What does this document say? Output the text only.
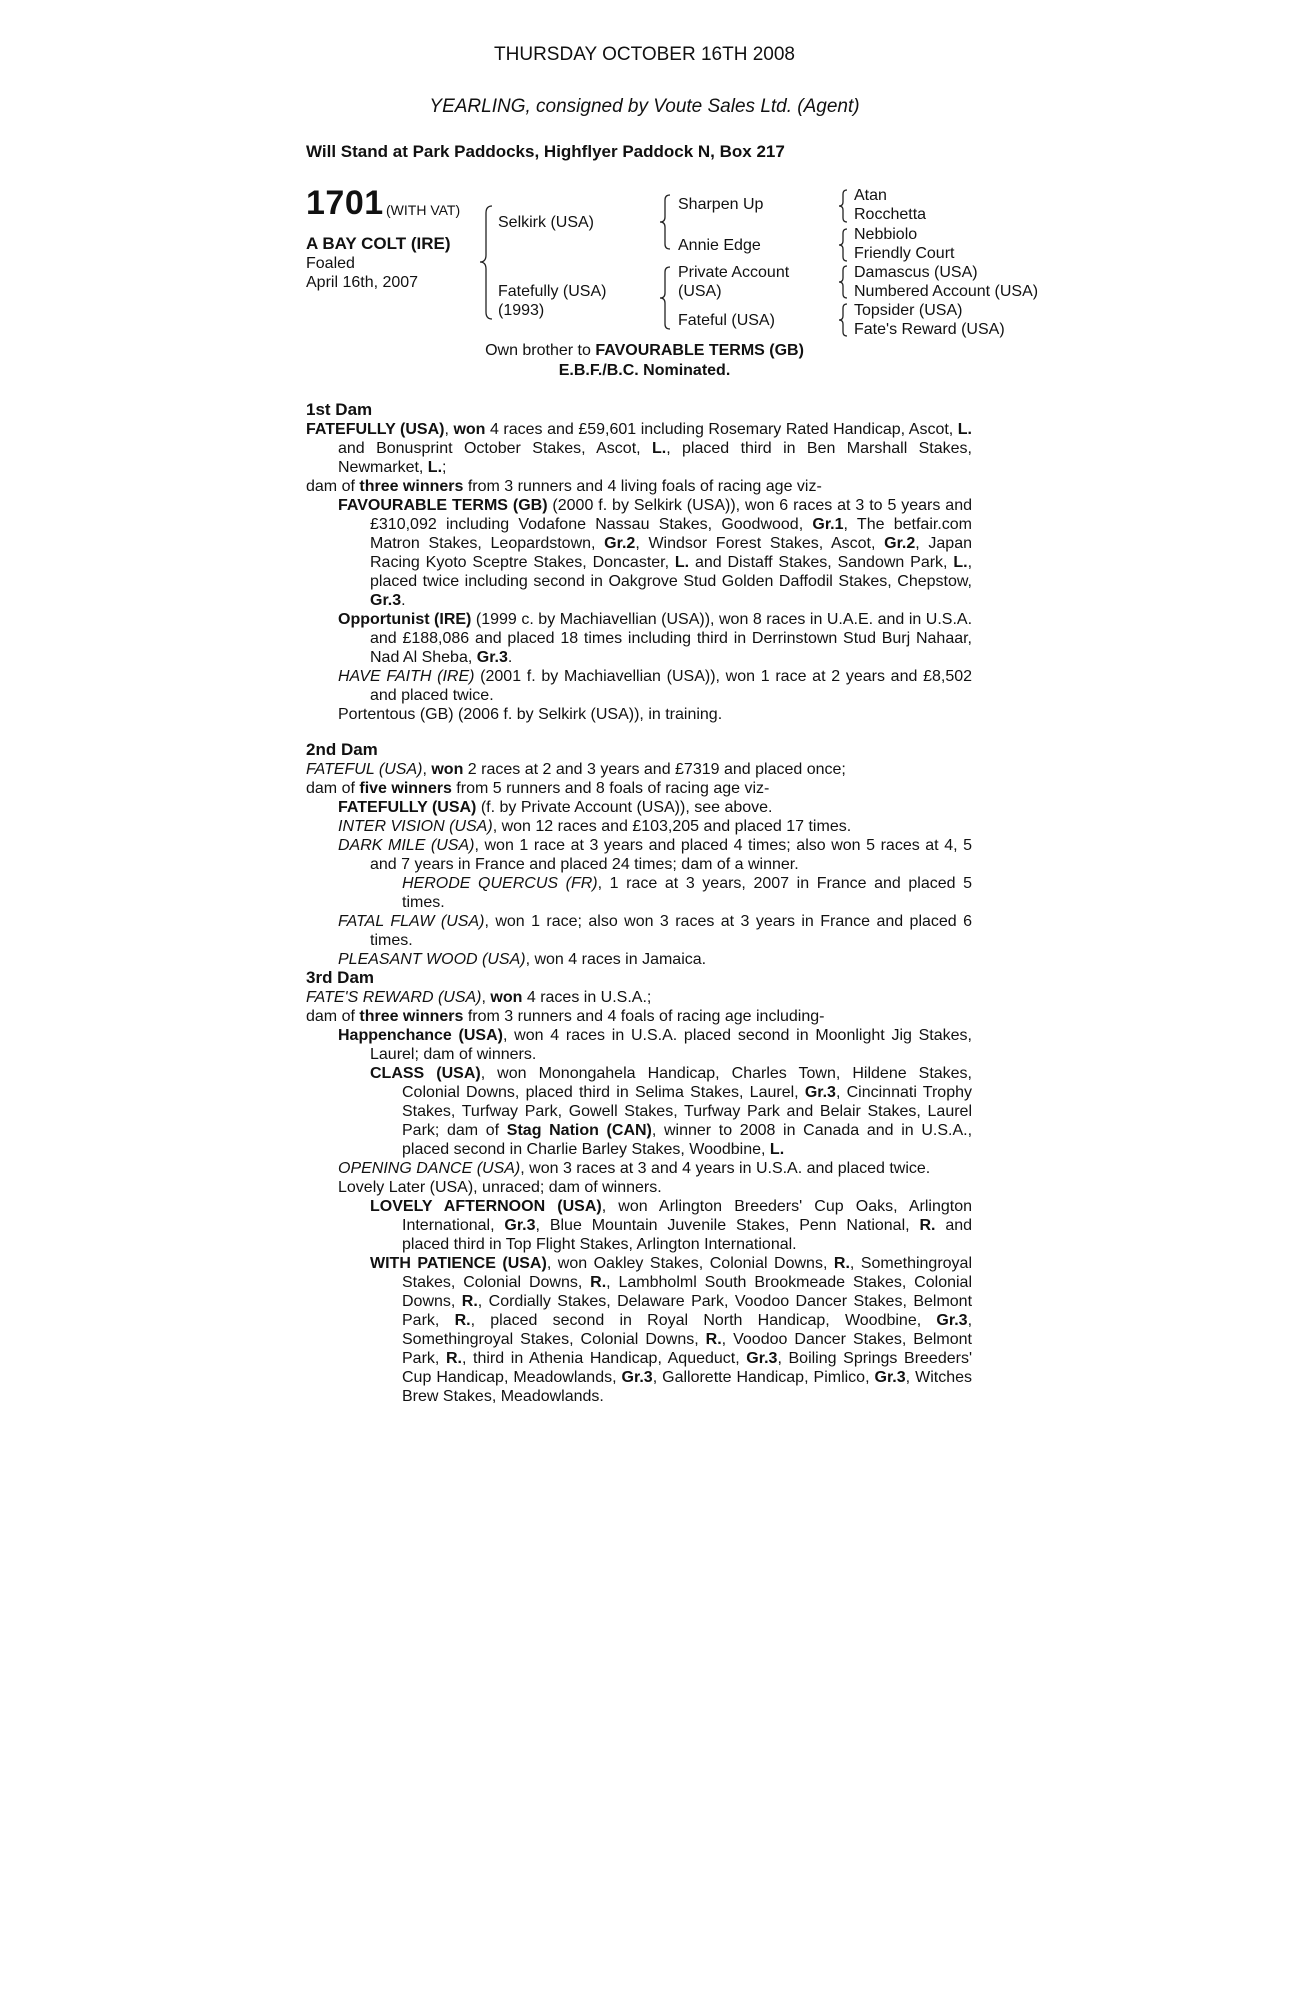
THURSDAY OCTOBER 16TH 2008
YEARLING, consigned by Voute Sales Ltd. (Agent)
Will Stand at Park Paddocks, Highflyer Paddock N, Box 217
1701 (WITH VAT)
A BAY COLT (IRE)
Foaled
April 16th, 2007
Selkirk (USA)
Fatefully (USA)
(1993)
Sharpen Up
Annie Edge
Private Account
(USA)
Fateful (USA)
Atan
Rocchetta
Nebbiolo
Friendly Court
Damascus (USA)
Numbered Account (USA)
Topsider (USA)
Fate's Reward (USA)
Own brother to FAVOURABLE TERMS (GB)
E.B.F./B.C. Nominated.
1st Dam

FATEFULLY (USA), won 4 races and £59,601 including Rosemary Rated Handicap, Ascot, L. and Bonusprint October Stakes, Ascot, L., placed third in Ben Marshall Stakes, Newmarket, L.;

dam of three winners from 3 runners and 4 living foals of racing age viz-

FAVOURABLE TERMS (GB) (2000 f. by Selkirk (USA)), won 6 races at 3 to 5 years and £310,092 including Vodafone Nassau Stakes, Goodwood, Gr.1, The betfair.com Matron Stakes, Leopardstown, Gr.2, Windsor Forest Stakes, Ascot, Gr.2, Japan Racing Kyoto Sceptre Stakes, Doncaster, L. and Distaff Stakes, Sandown Park, L., placed twice including second in Oakgrove Stud Golden Daffodil Stakes, Chepstow, Gr.3.

Opportunist (IRE) (1999 c. by Machiavellian (USA)), won 8 races in U.A.E. and in U.S.A. and £188,086 and placed 18 times including third in Derrinstown Stud Burj Nahaar, Nad Al Sheba, Gr.3.

HAVE FAITH (IRE) (2001 f. by Machiavellian (USA)), won 1 race at 2 years and £8,502 and placed twice.

Portentous (GB) (2006 f. by Selkirk (USA)), in training.

2nd Dam

FATEFUL (USA), won 2 races at 2 and 3 years and £7319 and placed once;

dam of five winners from 5 runners and 8 foals of racing age viz-

FATEFULLY (USA) (f. by Private Account (USA)), see above.

INTER VISION (USA), won 12 races and £103,205 and placed 17 times.

DARK MILE (USA), won 1 race at 3 years and placed 4 times; also won 5 races at 4, 5 and 7 years in France and placed 24 times; dam of a winner.

HERODE QUERCUS (FR), 1 race at 3 years, 2007 in France and placed 5 times.

FATAL FLAW (USA), won 1 race; also won 3 races at 3 years in France and placed 6 times.

PLEASANT WOOD (USA), won 4 races in Jamaica.

3rd Dam

FATE'S REWARD (USA), won 4 races in U.S.A.;

dam of three winners from 3 runners and 4 foals of racing age including-

Happenchance (USA), won 4 races in U.S.A. placed second in Moonlight Jig Stakes, Laurel; dam of winners.

CLASS (USA), won Monongahela Handicap, Charles Town, Hildene Stakes, Colonial Downs, placed third in Selima Stakes, Laurel, Gr.3, Cincinnati Trophy Stakes, Turfway Park, Gowell Stakes, Turfway Park and Belair Stakes, Laurel Park; dam of Stag Nation (CAN), winner to 2008 in Canada and in U.S.A., placed second in Charlie Barley Stakes, Woodbine, L.

OPENING DANCE (USA), won 3 races at 3 and 4 years in U.S.A. and placed twice.

Lovely Later (USA), unraced; dam of winners.

LOVELY AFTERNOON (USA), won Arlington Breeders' Cup Oaks, Arlington International, Gr.3, Blue Mountain Juvenile Stakes, Penn National, R. and placed third in Top Flight Stakes, Arlington International.

WITH PATIENCE (USA), won Oakley Stakes, Colonial Downs, R., Somethingroyal Stakes, Colonial Downs, R., Lambholml South Brookmeade Stakes, Colonial Downs, R., Cordially Stakes, Delaware Park, Voodoo Dancer Stakes, Belmont Park, R., placed second in Royal North Handicap, Woodbine, Gr.3, Somethingroyal Stakes, Colonial Downs, R., Voodoo Dancer Stakes, Belmont Park, R., third in Athenia Handicap, Aqueduct, Gr.3, Boiling Springs Breeders' Cup Handicap, Meadowlands, Gr.3, Gallorette Handicap, Pimlico, Gr.3, Witches Brew Stakes, Meadowlands.
